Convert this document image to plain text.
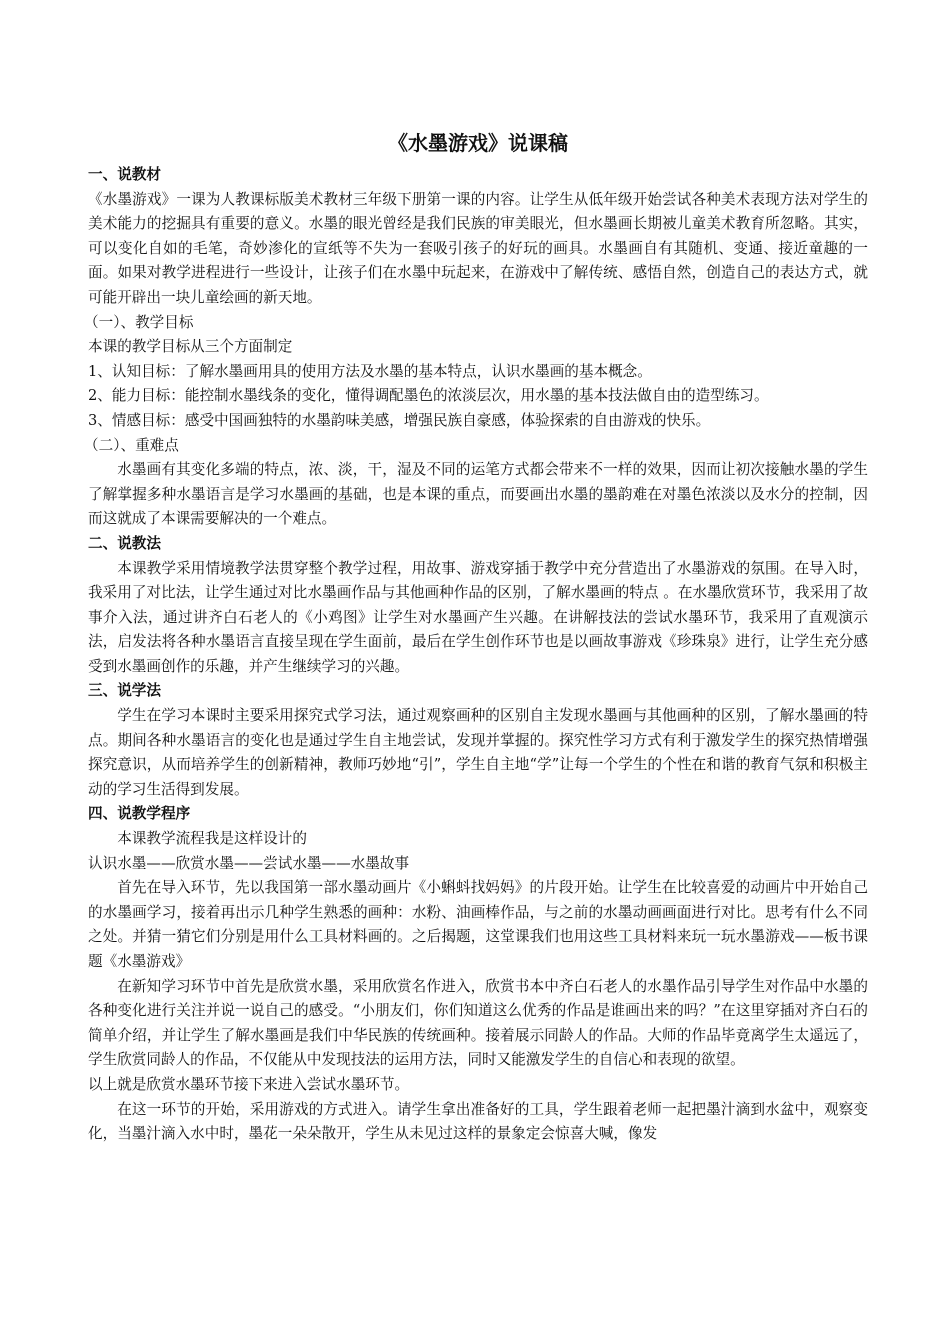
《水墨游戏》说课稿
一、说教材

《水墨游戏》一课为人教课标版美术教材三年级下册第一课的内容。让学生从低年级开始尝试各种美术表现方法对学生的美术能力的挖掘具有重要的意义。水墨的眼光曾经是我们民族的审美眼光，但水墨画长期被儿童美术教育所忽略。其实，可以变化自如的毛笔，奇妙渗化的宣纸等不失为一套吸引孩子的好玩的画具。水墨画自有其随机、变通、接近童趣的一面。如果对教学进程进行一些设计，让孩子们在水墨中玩起来，在游戏中了解传统、感悟自然，创造自己的表达方式，就可能开辟出一块儿童绘画的新天地。

（一）、教学目标

本课的教学目标从三个方面制定

1、认知目标：了解水墨画用具的使用方法及水墨的基本特点，认识水墨画的基本概念。

2、能力目标：能控制水墨线条的变化，懂得调配墨色的浓淡层次，用水墨的基本技法做自由的造型练习。

3、情感目标：感受中国画独特的水墨韵味美感，增强民族自豪感，体验探索的自由游戏的快乐。

（二）、重难点

水墨画有其变化多端的特点，浓、淡，干，湿及不同的运笔方式都会带来不一样的效果，因而让初次接触水墨的学生了解掌握多种水墨语言是学习水墨画的基础，也是本课的重点，而要画出水墨的墨韵难在对墨色浓淡以及水分的控制，因而这就成了本课需要解决的一个难点。

二、说教法

本课教学采用情境教学法贯穿整个教学过程，用故事、游戏穿插于教学中充分营造出了水墨游戏的氛围。在导入时，我采用了对比法，让学生通过对比水墨画作品与其他画种作品的区别，了解水墨画的特点 。在水墨欣赏环节，我采用了故事介入法，通过讲齐白石老人的《小鸡图》让学生对水墨画产生兴趣。在讲解技法的尝试水墨环节，我采用了直观演示法，启发法将各种水墨语言直接呈现在学生面前，最后在学生创作环节也是以画故事游戏《珍珠泉》进行，让学生充分感受到水墨画创作的乐趣，并产生继续学习的兴趣。

三、说学法

学生在学习本课时主要采用探究式学习法，通过观察画种的区别自主发现水墨画与其他画种的区别，了解水墨画的特点。期间各种水墨语言的变化也是通过学生自主地尝试，发现并掌握的。探究性学习方式有利于激发学生的探究热情增强探究意识，从而培养学生的创新精神，教师巧妙地“引”，学生自主地“学”让每一个学生的个性在和谐的教育气氛和积极主动的学习生活得到发展。

四、说教学程序

本课教学流程我是这样设计的

认识水墨——欣赏水墨——尝试水墨——水墨故事

首先在导入环节，先以我国第一部水墨动画片《小蝌蚪找妈妈》的片段开始。让学生在比较喜爱的动画片中开始自己的水墨画学习，接着再出示几种学生熟悉的画种：水粉、油画棒作品，与之前的水墨动画画面进行对比。思考有什么不同之处。并猜一猜它们分别是用什么工具材料画的。之后揭题，这堂课我们也用这些工具材料来玩一玩水墨游戏——板书课题《水墨游戏》

在新知学习环节中首先是欣赏水墨，采用欣赏名作进入，欣赏书本中齐白石老人的水墨作品引导学生对作品中水墨的各种变化进行关注并说一说自己的感受。“小朋友们，你们知道这么优秀的作品是谁画出来的吗？”在这里穿插对齐白石的简单介绍，并让学生了解水墨画是我们中华民族的传统画种。接着展示同龄人的作品。大师的作品毕竟离学生太遥远了，学生欣赏同龄人的作品，不仅能从中发现技法的运用方法，同时又能激发学生的自信心和表现的欲望。

以上就是欣赏水墨环节接下来进入尝试水墨环节。

在这一环节的开始，采用游戏的方式进入。请学生拿出准备好的工具，学生跟着老师一起把墨汁滴到水盆中，观察变化，当墨汁滴入水中时，墨花一朵朵散开，学生从未见过这样的景象定会惊喜大喊，像发
